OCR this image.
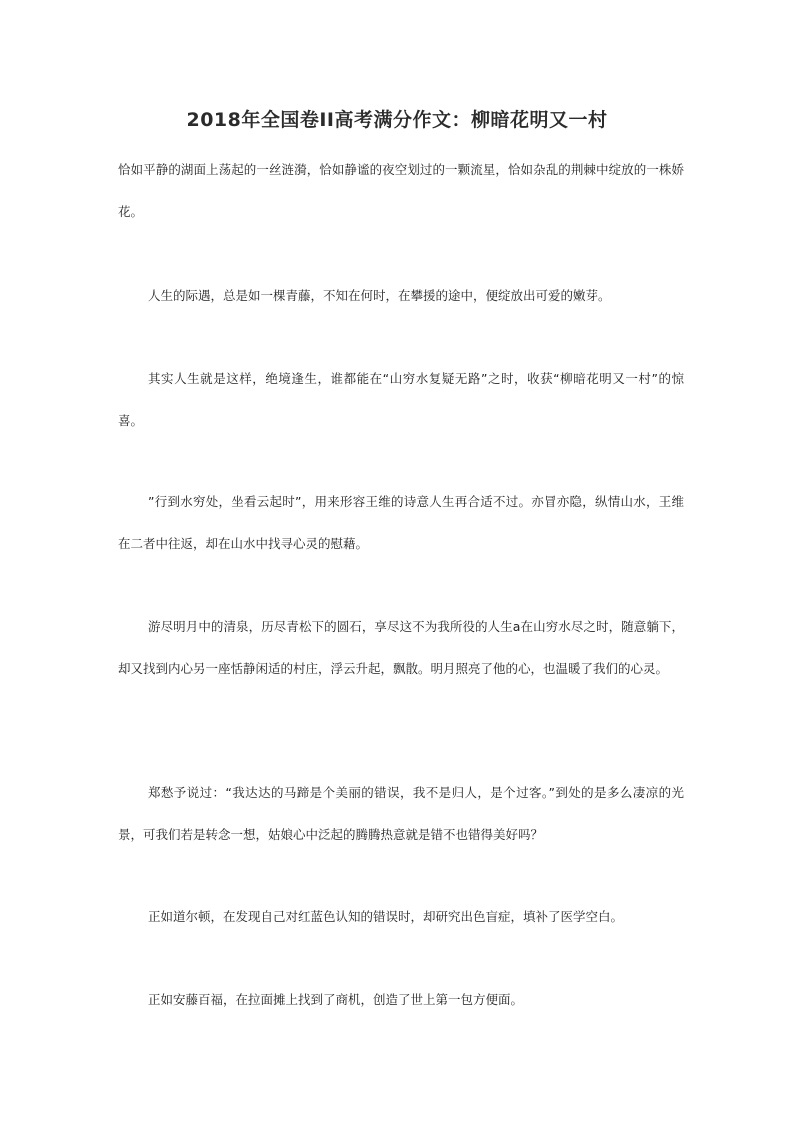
2018年全国卷II高考满分作文：柳暗花明又一村

恰如平静的湖面上荡起的一丝涟漪，恰如静谧的夜空划过的一颗流星，恰如杂乱的荆棘中绽放的一株娇花。

人生的际遇，总是如一棵青藤，不知在何时，在攀援的途中，便绽放出可爱的嫩芽。

其实人生就是这样，绝境逢生，谁都能在“山穷水复疑无路”之时，收获“柳暗花明又一村”的惊喜。

”行到水穷处，坐看云起时”，用来形容王维的诗意人生再合适不过。亦冒亦隐，纵情山水，王维在二者中往返，却在山水中找寻心灵的慰藉。

游尽明月中的清泉，历尽青松下的圆石，享尽这不为我所役的人生a在山穷水尽之时，随意躺下，却又找到内心另一座恬静闲适的村庄，浮云升起，飘散。明月照亮了他的心，也温暖了我们的心灵。

郑愁予说过：“我达达的马蹄是个美丽的错误，我不是归人，是个过客。”到处的是多么凄凉的光景，可我们若是转念一想，姑娘心中泛起的腾腾热意就是错不也错得美好吗？

正如道尔顿，在发现自己对红蓝色认知的错误时，却研究出色盲症，填补了医学空白。

正如安藤百福，在拉面摊上找到了商机，创造了世上第一包方便面。
